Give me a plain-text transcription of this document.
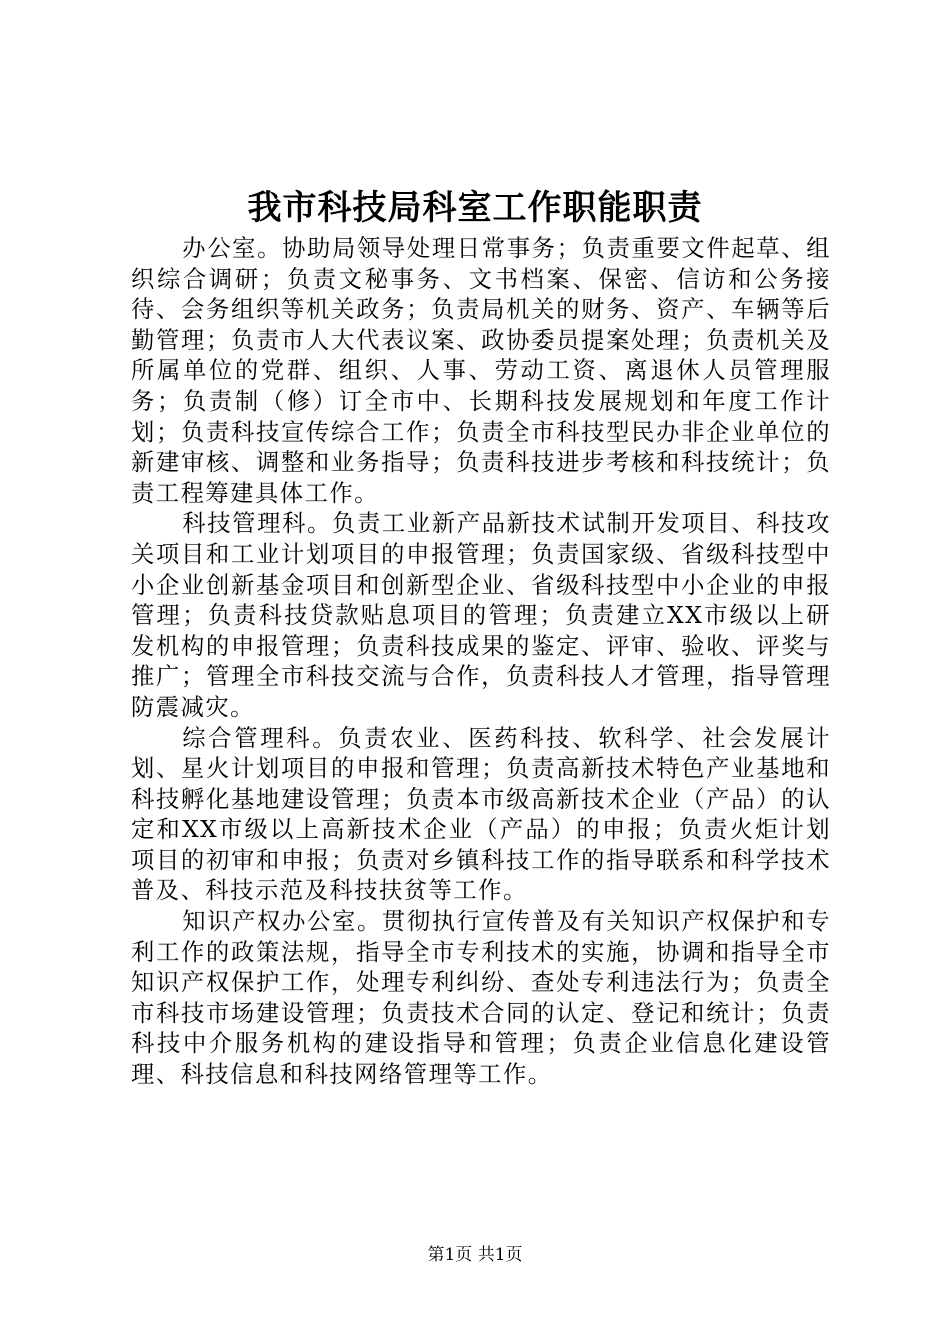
我市科技局科室工作职能职责

办公室。协助局领导处理日常事务；负责重要文件起草、组织综合调研；负责文秘事务、文书档案、保密、信访和公务接待、会务组织等机关政务；负责局机关的财务、资产、车辆等后勤管理；负责市人大代表议案、政协委员提案处理；负责机关及所属单位的党群、组织、人事、劳动工资、离退休人员管理服务；负责制（修）订全市中、长期科技发展规划和年度工作计划；负责科技宣传综合工作；负责全市科技型民办非企业单位的新建审核、调整和业务指导；负责科技进步考核和科技统计；负责工程筹建具体工作。

科技管理科。负责工业新产品新技术试制开发项目、科技攻关项目和工业计划项目的申报管理；负责国家级、省级科技型中小企业创新基金项目和创新型企业、省级科技型中小企业的申报管理；负责科技贷款贴息项目的管理；负责建立XX市级以上研发机构的申报管理；负责科技成果的鉴定、评审、验收、评奖与推广；管理全市科技交流与合作，负责科技人才管理，指导管理防震减灾。

综合管理科。负责农业、医药科技、软科学、社会发展计划、星火计划项目的申报和管理；负责高新技术特色产业基地和科技孵化基地建设管理；负责本市级高新技术企业（产品）的认定和XX市级以上高新技术企业（产品）的申报；负责火炬计划项目的初审和申报；负责对乡镇科技工作的指导联系和科学技术普及、科技示范及科技扶贫等工作。

知识产权办公室。贯彻执行宣传普及有关知识产权保护和专利工作的政策法规，指导全市专利技术的实施，协调和指导全市知识产权保护工作，处理专利纠纷、查处专利违法行为；负责全市科技市场建设管理；负责技术合同的认定、登记和统计；负责科技中介服务机构的建设指导和管理；负责企业信息化建设管理、科技信息和科技网络管理等工作。

第1页 共1页
